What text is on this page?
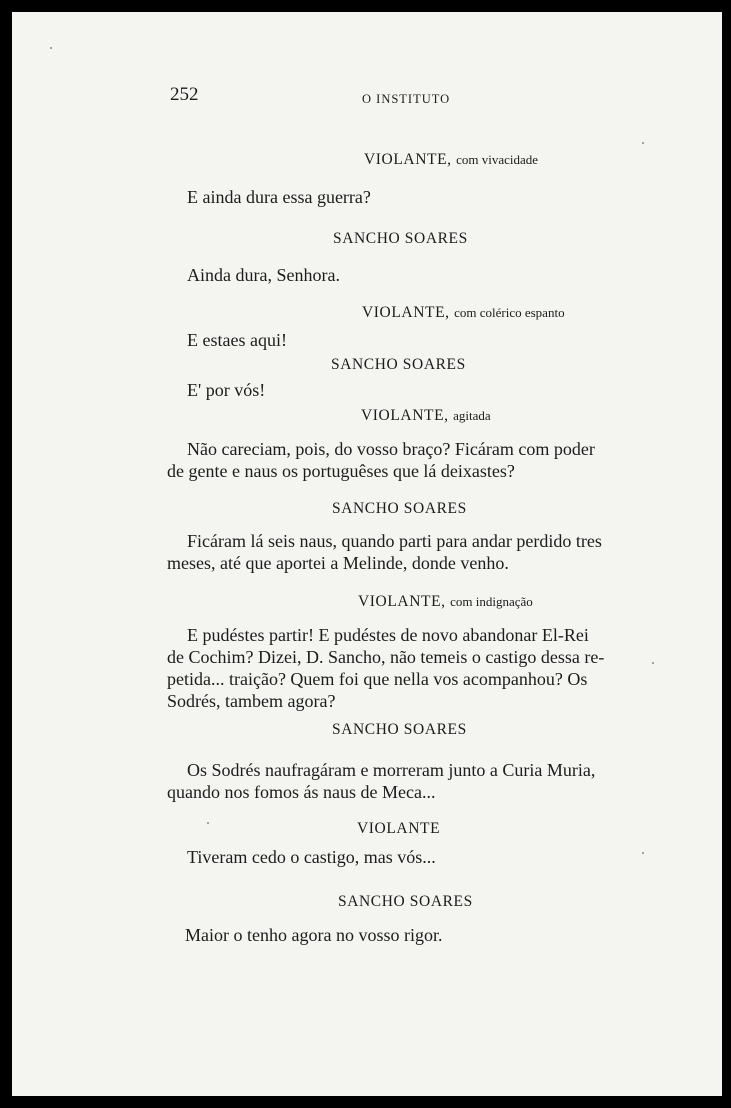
252	O INSTITUTO
VIOLANTE, com vivacidade
E ainda dura essa guerra?
SANCHO SOARES
Ainda dura, Senhora.
VIOLANTE, com colérico espanto
E estaes aqui!
SANCHO SOARES
E' por vós!
VIOLANTE, agitada
Não careciam, pois, do vosso braço? Ficáram com poder
de gente e naus os portuguêses que lá deixastes?
SANCHO SOARES
Ficáram lá seis naus, quando parti para andar perdido tres
meses, até que aportei a Melinde, donde venho.
VIOLANTE, com indignação
E pudéstes partir! E pudéstes de novo abandonar El-Rei
de Cochim? Dizei, D. Sancho, não temeis o castigo dessa re-
petida... traição? Quem foi que nella vos acompanhou? Os
Sodrés, tambem agora?
SANCHO SOARES
Os Sodrés naufragáram e morreram junto a Curia Muria,
quando nos fomos ás naus de Meca...
VIOLANTE
Tiveram cedo o castigo, mas vós...
SANCHO SOARES
Maior o tenho agora no vosso rigor.
